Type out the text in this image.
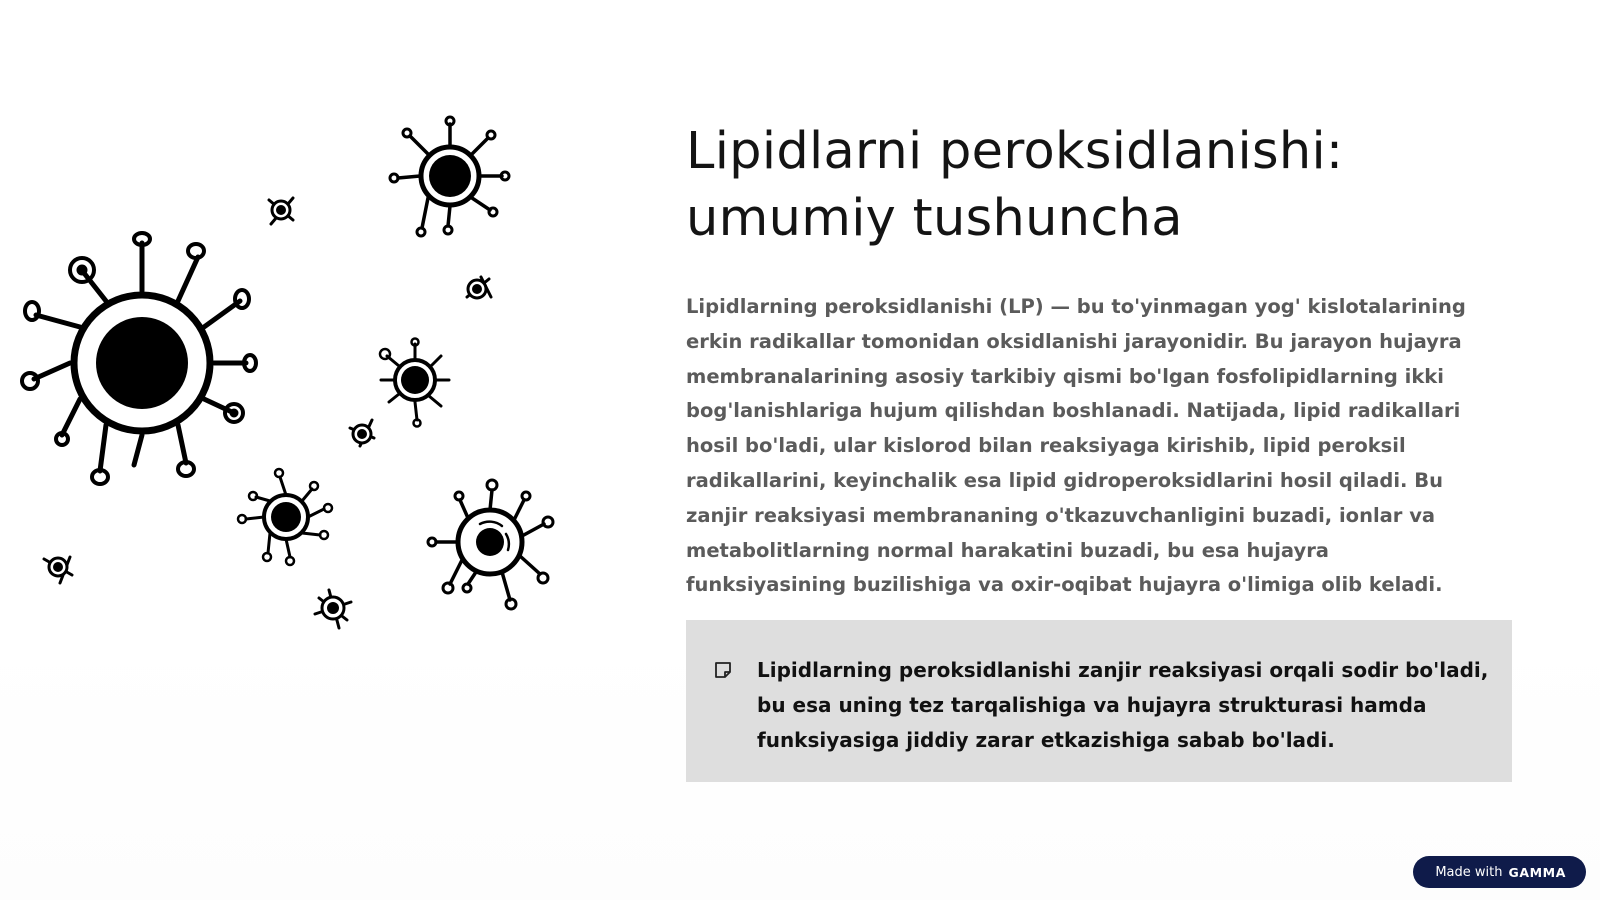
Lipidlarni peroksidlanishi:
umumiy tushuncha

Lipidlarning peroksidlanishi (LP) — bu to'yinmagan yog' kislotalarining erkin radikallar tomonidan oksidlanishi jarayonidir. Bu jarayon hujayra membranalarining asosiy tarkibiy qismi bo'lgan fosfolipidlarning ikki bog'lanishlariga hujum qilishdan boshlanadi. Natijada, lipid radikallari hosil bo'ladi, ular kislorod bilan reaksiyaga kirishib, lipid peroksil radikallarini, keyinchalik esa lipid gidroperoksidlarini hosil qiladi. Bu zanjir reaksiyasi membrananing o'tkazuvchanligini buzadi, ionlar va metabolitlarning normal harakatini buzadi, bu esa hujayra funksiyasining buzilishiga va oxir-oqibat hujayra o'limiga olib keladi.

Lipidlarning peroksidlanishi zanjir reaksiyasi orqali sodir bo'ladi, bu esa uning tez tarqalishiga va hujayra strukturasi hamda funksiyasiga jiddiy zarar etkazishiga sabab bo'ladi.

Made with GAMMA
